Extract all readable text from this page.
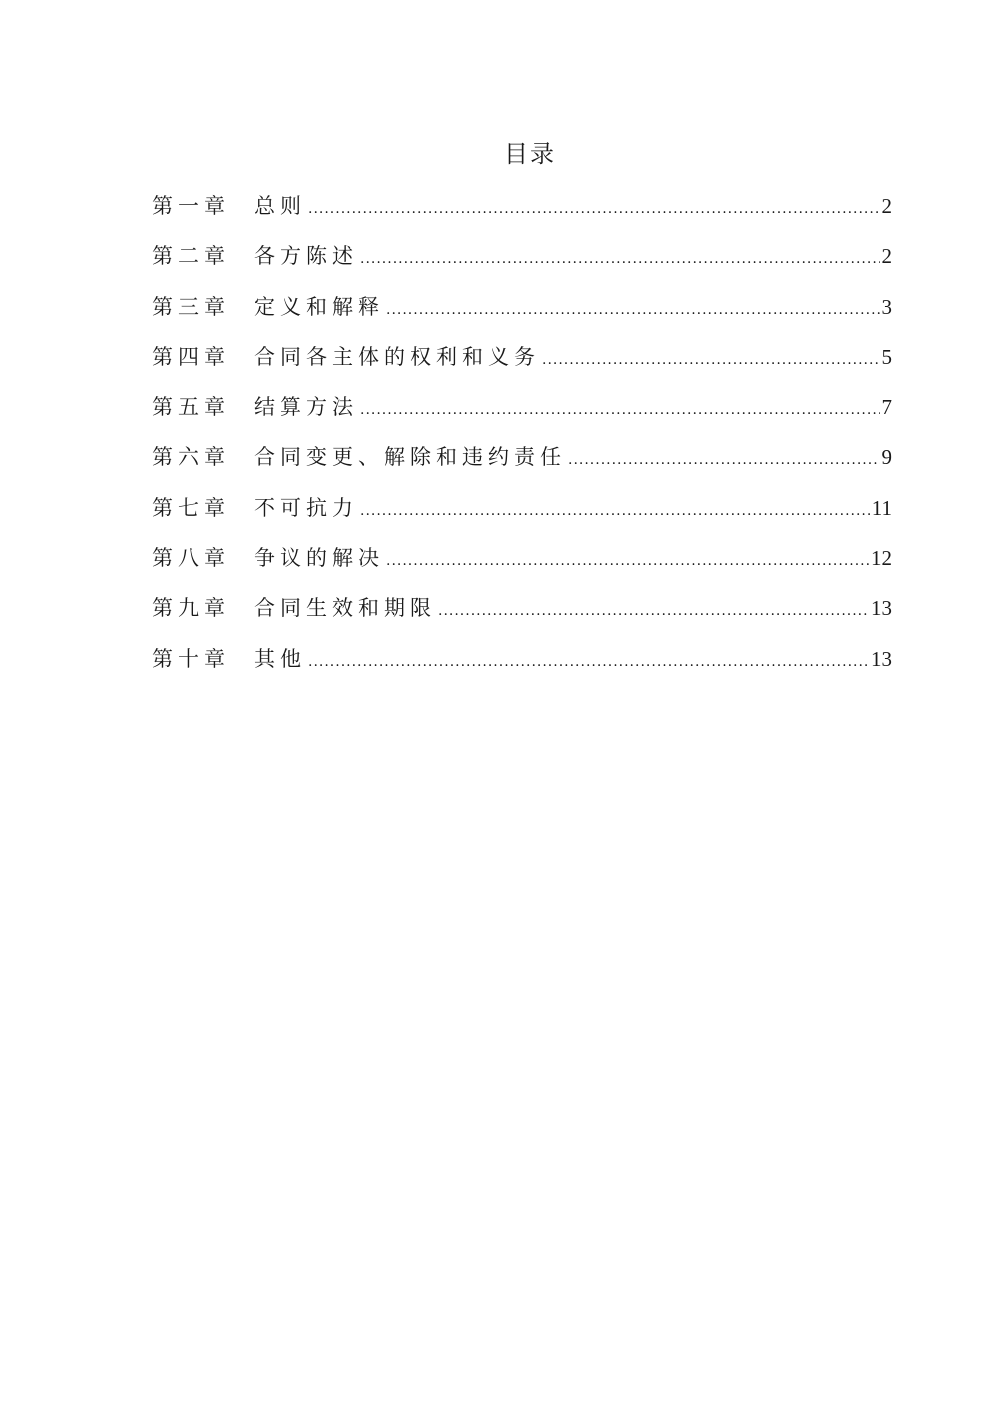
目录
第一章	总则 .....	2
第二章	各方陈述 .....	2
第三章	定义和解释 .....	3
第四章	合同各主体的权利和义务 .....	5
第五章	结算方法 .....	7
第六章	合同变更、解除和违约责任 .....	9
第七章	不可抗力 .....	11
第八章	争议的解决 .....	12
第九章	合同生效和期限 .....	13
第十章	其他 .....	13
